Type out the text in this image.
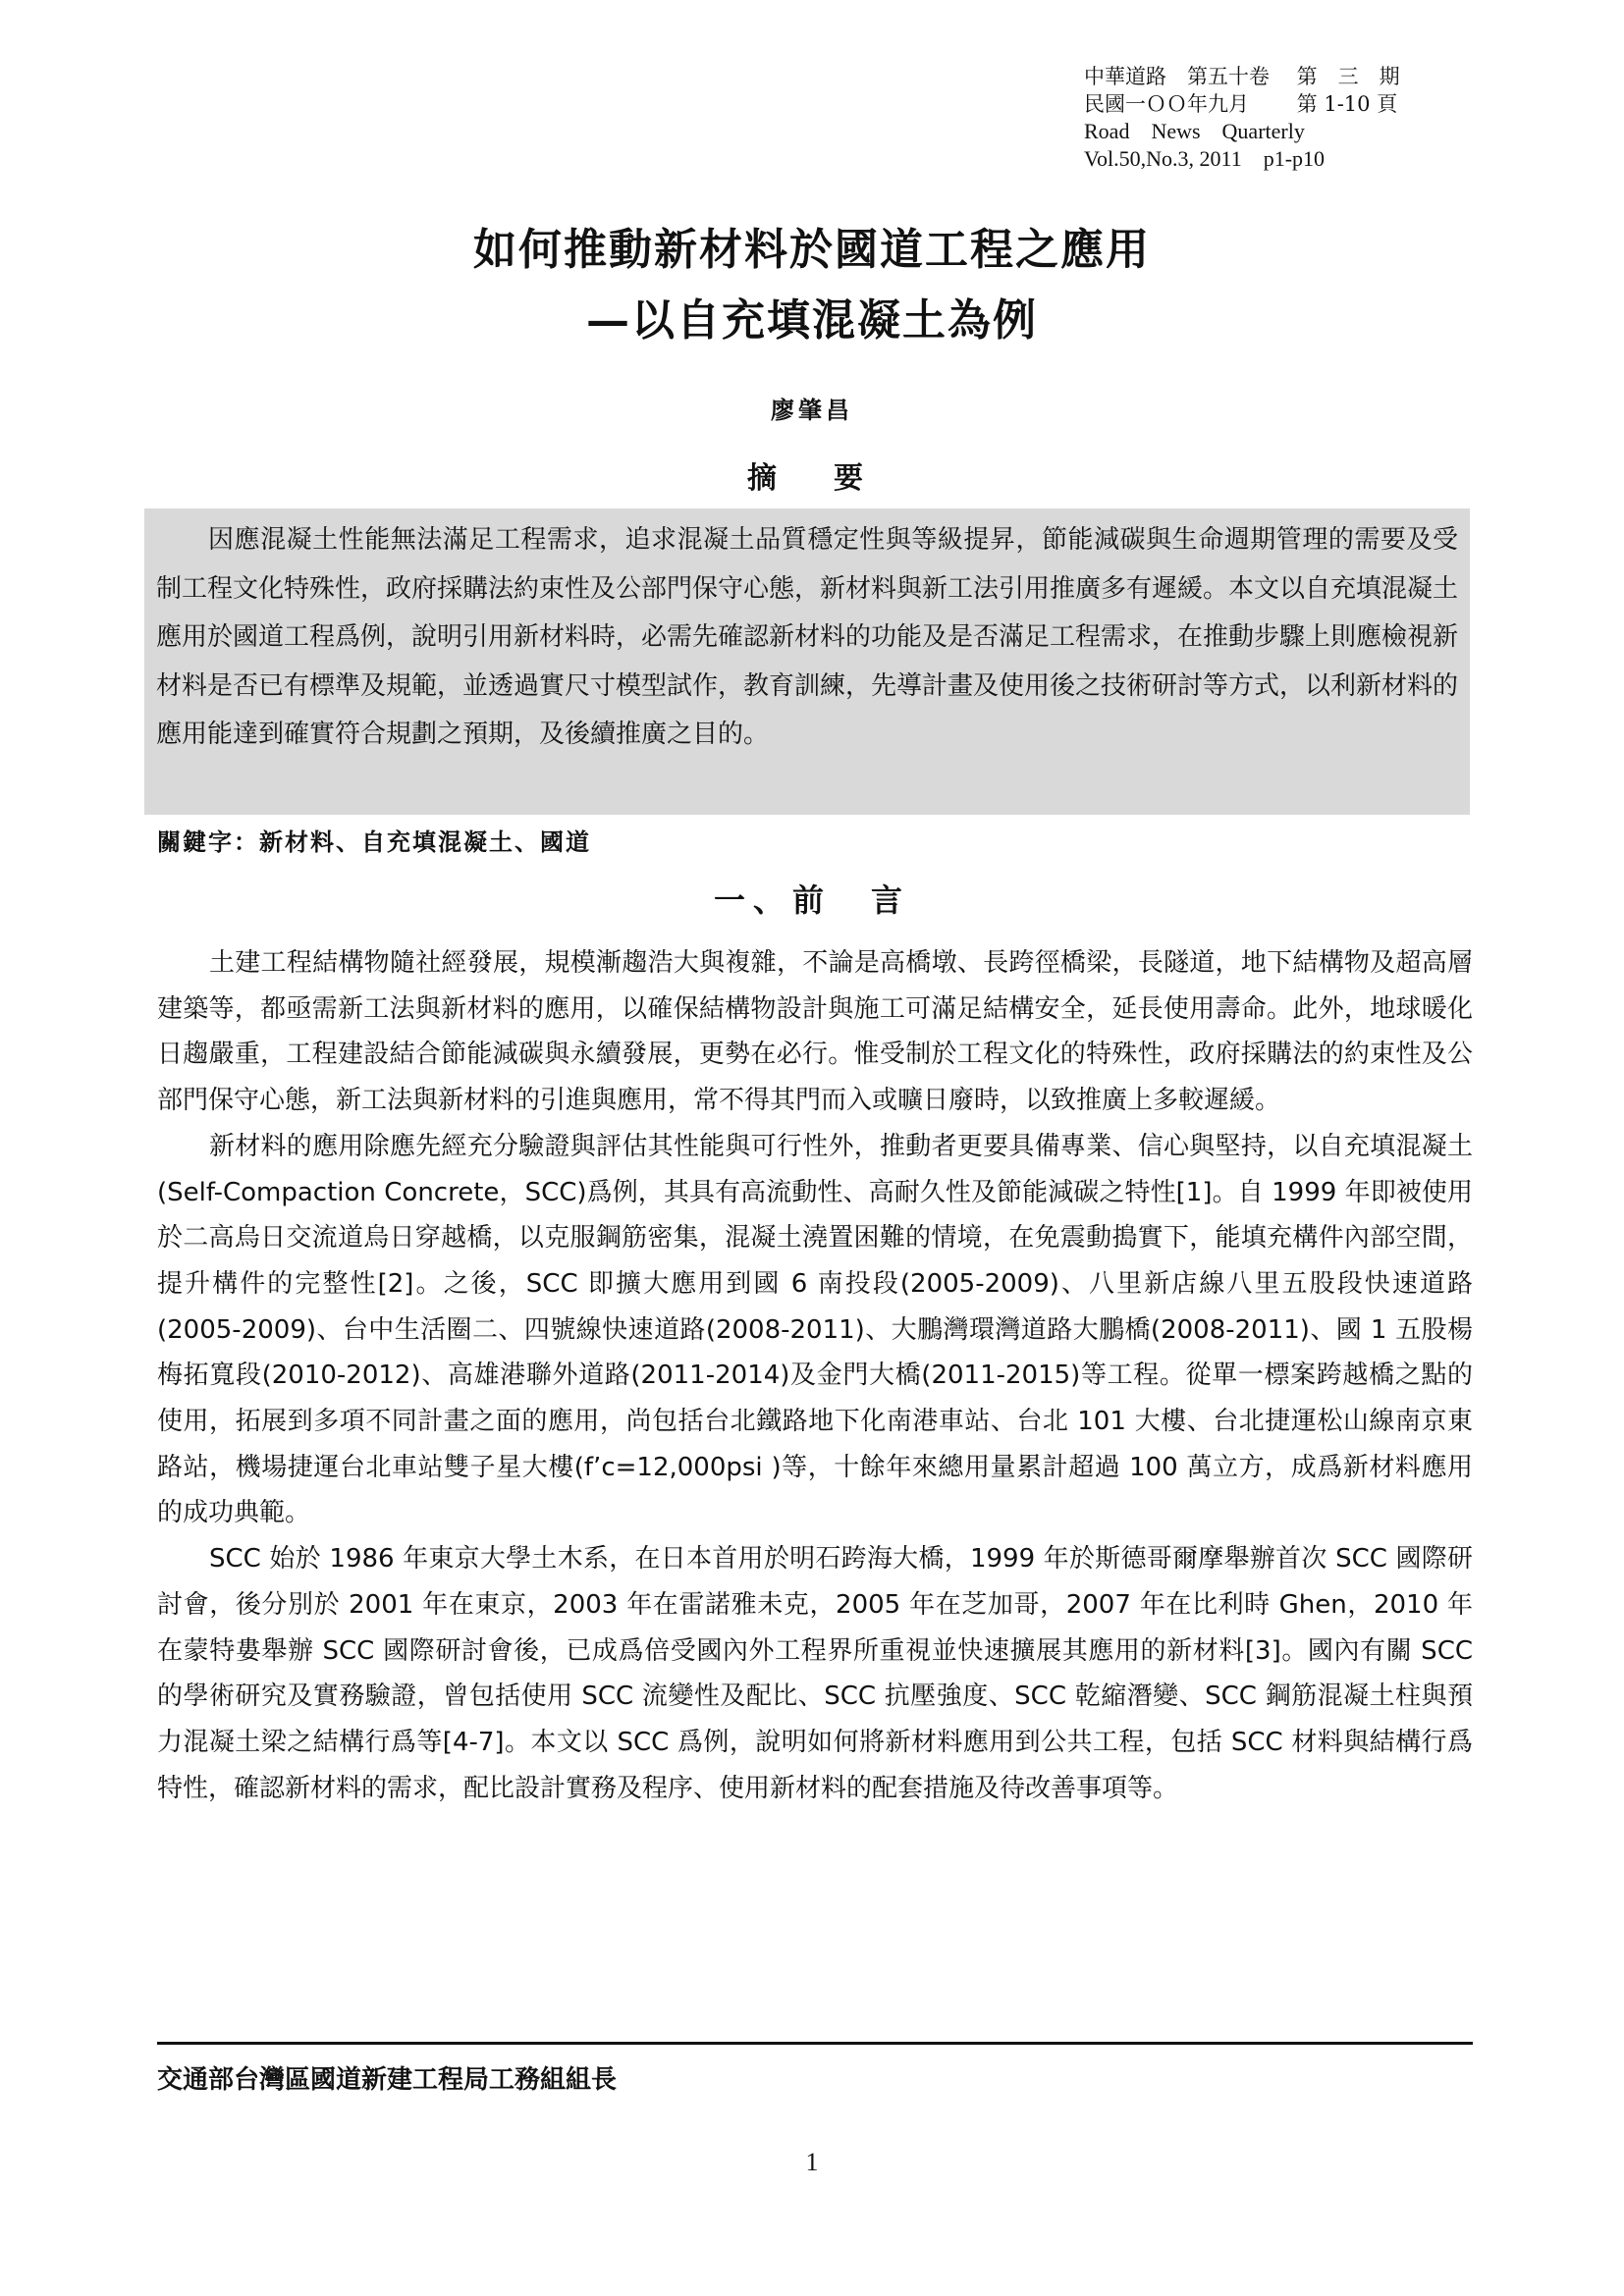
中華道路　第五十卷　 第　三　期
民國一ＯＯ年九月　　 第 1-10 頁
Road　News　Quarterly
Vol.50,No.3, 2011　p1-p10
如何推動新材料於國道工程之應用
—以自充填混凝土為例
廖肇昌
摘　要

因應混凝土性能無法滿足工程需求，追求混凝土品質穩定性與等級提昇，節能減碳與生命週期管理的需要及受制工程文化特殊性，政府採購法約束性及公部門保守心態，新材料與新工法引用推廣多有遲緩。本文以自充填混凝土應用於國道工程爲例，說明引用新材料時，必需先確認新材料的功能及是否滿足工程需求，在推動步驟上則應檢視新材料是否已有標準及規範，並透過實尺寸模型試作，教育訓練，先導計畫及使用後之技術研討等方式，以利新材料的應用能達到確實符合規劃之預期，及後續推廣之目的。

關鍵字：新材料、自充填混凝土、國道
一、前　言

土建工程結構物隨社經發展，規模漸趨浩大與複雜，不論是高橋墩、長跨徑橋梁，長隧道，地下結構物及超高層建築等，都亟需新工法與新材料的應用，以確保結構物設計與施工可滿足結構安全，延長使用壽命。此外，地球暖化日趨嚴重，工程建設結合節能減碳與永續發展，更勢在必行。惟受制於工程文化的特殊性，政府採購法的約束性及公部門保守心態，新工法與新材料的引進與應用，常不得其門而入或曠日廢時，以致推廣上多較遲緩。

新材料的應用除應先經充分驗證與評估其性能與可行性外，推動者更要具備專業、信心與堅持，以自充填混凝土(Self-Compaction Concrete，SCC)爲例，其具有高流動性、高耐久性及節能減碳之特性[1]。自 1999 年即被使用於二高烏日交流道烏日穿越橋，以克服鋼筋密集，混凝土澆置困難的情境，在免震動搗實下，能填充構件內部空間，提升構件的完整性[2]。之後，SCC 即擴大應用到國 6 南投段(2005-2009)、八里新店線八里五股段快速道路(2005-2009)、台中生活圈二、四號線快速道路(2008-2011)、大鵬灣環灣道路大鵬橋(2008-2011)、國 1 五股楊梅拓寬段(2010-2012)、高雄港聯外道路(2011-2014)及金門大橋(2011-2015)等工程。從單一標案跨越橋之點的使用，拓展到多項不同計畫之面的應用，尚包括台北鐵路地下化南港車站、台北 101 大樓、台北捷運松山線南京東路站，機場捷運台北車站雙子星大樓(f’c=12,000psi )等，十餘年來總用量累計超過 100 萬立方，成爲新材料應用的成功典範。

SCC 始於 1986 年東京大學土木系，在日本首用於明石跨海大橋，1999 年於斯德哥爾摩舉辦首次 SCC 國際研討會，後分別於 2001 年在東京，2003 年在雷諾雅未克，2005 年在芝加哥，2007 年在比利時 Ghen，2010 年在蒙特婁舉辦 SCC 國際研討會後，已成爲倍受國內外工程界所重視並快速擴展其應用的新材料[3]。國內有關 SCC 的學術研究及實務驗證，曾包括使用 SCC 流變性及配比、SCC 抗壓強度、SCC 乾縮潛變、SCC 鋼筋混凝土柱與預力混凝土梁之結構行爲等[4-7]。本文以 SCC 爲例，說明如何將新材料應用到公共工程，包括 SCC 材料與結構行爲特性，確認新材料的需求，配比設計實務及程序、使用新材料的配套措施及待改善事項等。

交通部台灣區國道新建工程局工務組組長
1
